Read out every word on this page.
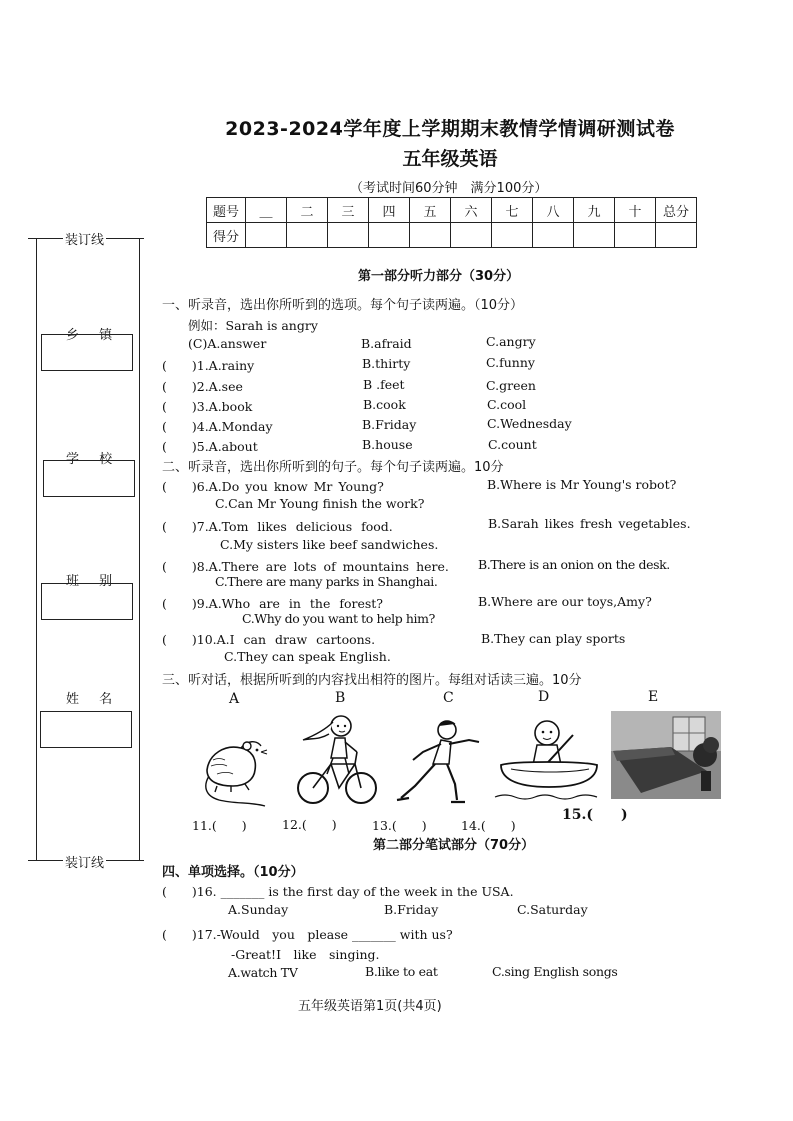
2023-2024学年度上学期期末教情学情调研测试卷
五年级英语
（考试时间60分钟　满分100分）
题号	＿	二	三	四	五	六	七	八	九	十	总分
得分											
装订线
装订线
乡 镇
学 校
班 别
姓 名
第一部分听力部分（30分）
一、听录音，选出你所听到的选项。每个句子读两遍。（10分）
例如：Sarah is angry
(C)A.answer	B.afraid	C.angry
(　　)1.A.rainy	B.thirty	C.funny
(　　)2.A.see	B .feet	C.green
(　　)3.A.book	B.cook	C.cool
(　　)4.A.Monday	B.Friday	C.Wednesday
(　　)5.A.about	B.house	C.count
二、听录音，选出你所听到的句子。每个句子读两遍。10分
(　　)6.A.Do you know Mr Young?	B.Where is Mr Young's robot?
C.Can Mr Young finish the work?
(　　)7.A.Tom likes delicious food.	B.Sarah likes fresh vegetables.
C.My sisters like beef sandwiches.
(　　)8.A.There are lots of mountains here. B.There is an onion on the desk.
C.There are many parks in Shanghai.
(　　)9.A.Who are in the forest?	B.Where are our toys,Amy?
C.Why do you want to help him?
(　　)10.A.I can draw cartoons.	B.They can play sports
C.They can speak English.
三、听对话，根据所听到的内容找出相符的图片。每组对话读三遍。10分
A	B	C	D	E
11.(　　)	12.(　　)	13.(　　)	14.(　　)
15.(　　)
第二部分笔试部分（70分）
四、单项选择。（10分）
(　　)16. _______ is the first day of the week in the USA.
A.Sunday	B.Friday	C.Saturday
(　　)17.-Would　you　please _______ with us?
-Great!I　like　singing.
A.watch TV	B.like to eat	C.sing English songs
五年级英语第1页(共4页)
